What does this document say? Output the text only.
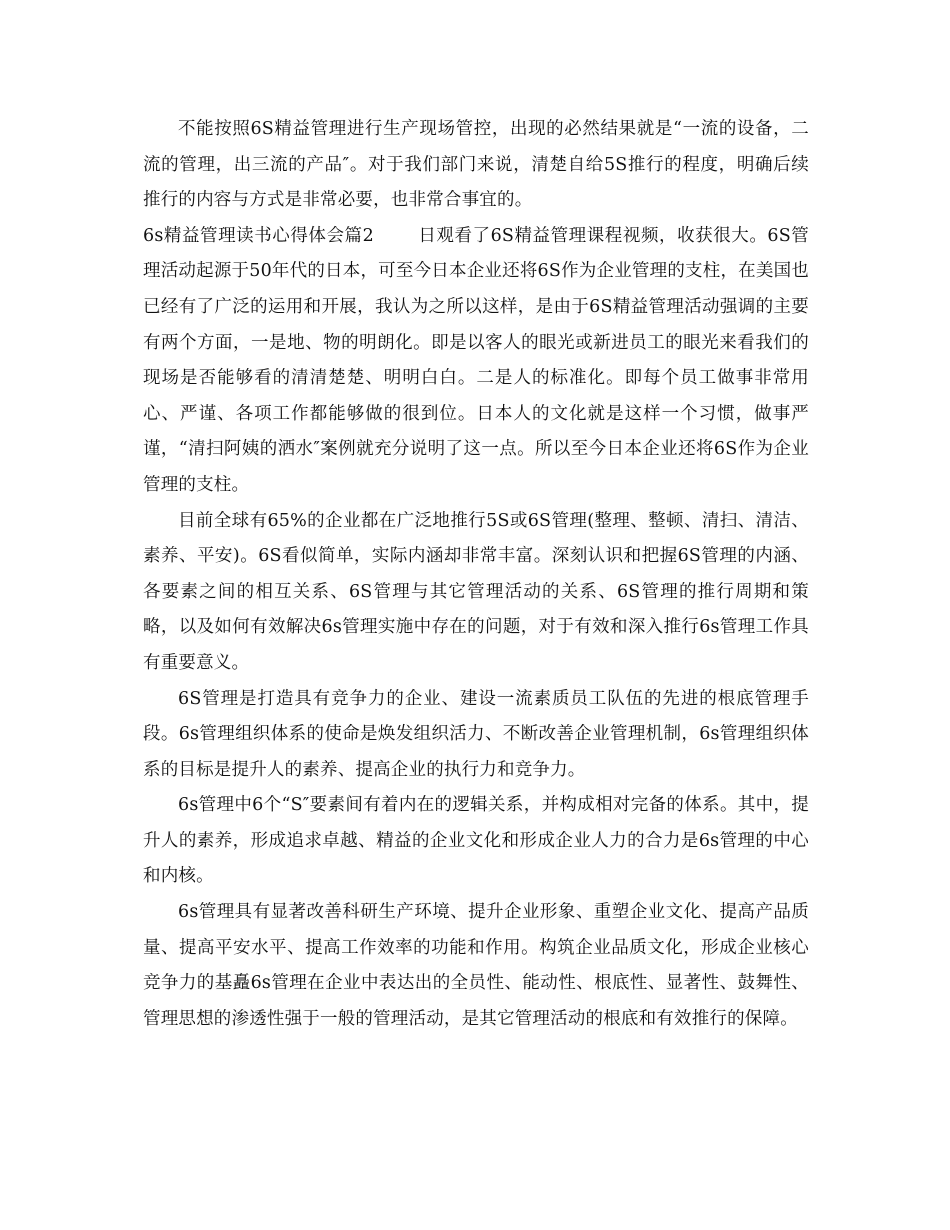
不能按照6S精益管理进行生产现场管控，出现的必然结果就是“一流的设备，二流的管理，出三流的产品″。对于我们部门来说，清楚自给5S推行的程度，明确后续推行的内容与方式是非常必要，也非常合事宜的。

6s精益管理读书心得体会篇2	日观看了6S精益管理课程视频，收获很大。6S管理活动起源于50年代的日本，可至今日本企业还将6S作为企业管理的支柱，在美国也已经有了广泛的运用和开展，我认为之所以这样，是由于6S精益管理活动强调的主要有两个方面，一是地、物的明朗化。即是以客人的眼光或新进员工的眼光来看我们的现场是否能够看的清清楚楚、明明白白。二是人的标准化。即每个员工做事非常用心、严谨、各项工作都能够做的很到位。日本人的文化就是这样一个习惯，做事严谨，“清扫阿姨的洒水″案例就充分说明了这一点。所以至今日本企业还将6S作为企业管理的支柱。

目前全球有65%的企业都在广泛地推行5S或6S管理(整理、整顿、清扫、清洁、素养、平安)。6S看似简单，实际内涵却非常丰富。深刻认识和把握6S管理的内涵、各要素之间的相互关系、6S管理与其它管理活动的关系、6S管理的推行周期和策略，以及如何有效解决6s管理实施中存在的问题，对于有效和深入推行6s管理工作具有重要意义。

6S管理是打造具有竞争力的企业、建设一流素质员工队伍的先进的根底管理手段。6s管理组织体系的使命是焕发组织活力、不断改善企业管理机制，6s管理组织体系的目标是提升人的素养、提高企业的执行力和竞争力。

6s管理中6个“S″要素间有着内在的逻辑关系，并构成相对完备的体系。其中，提升人的素养，形成追求卓越、精益的企业文化和形成企业人力的合力是6s管理的中心和内核。

6s管理具有显著改善科研生产环境、提升企业形象、重塑企业文化、提高产品质量、提高平安水平、提高工作效率的功能和作用。构筑企业品质文化，形成企业核心竞争力的基矗6s管理在企业中表达出的全员性、能动性、根底性、显著性、鼓舞性、管理思想的渗透性强于一般的管理活动，是其它管理活动的根底和有效推行的保障。
